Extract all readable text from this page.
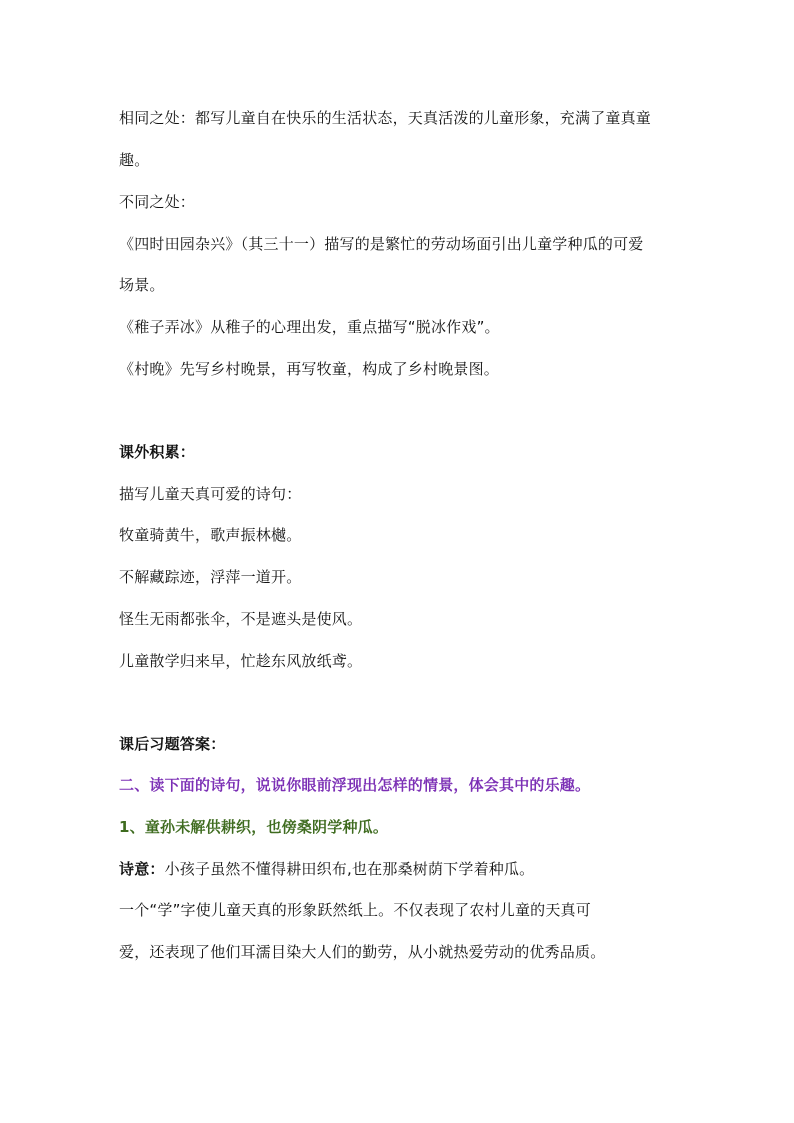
相同之处：都写儿童自在快乐的生活状态，天真活泼的儿童形象，充满了童真童
趣。
不同之处：
《四时田园杂兴》（其三十一）描写的是繁忙的劳动场面引出儿童学种瓜的可爱
场景。
《稚子弄冰》从稚子的心理出发，重点描写“脱冰作戏”。
《村晚》先写乡村晚景，再写牧童，构成了乡村晚景图。
课外积累：
描写儿童天真可爱的诗句：
牧童骑黄牛，歌声振林樾。
不解藏踪迹，浮萍一道开。
怪生无雨都张伞，不是遮头是使风。
儿童散学归来早，忙趁东风放纸鸢。
课后习题答案：
二、读下面的诗句，说说你眼前浮现出怎样的情景，体会其中的乐趣。
1、童孙未解供耕织，也傍桑阴学种瓜。
诗意：小孩子虽然不懂得耕田织布,也在那桑树荫下学着种瓜。
一个“学”字使儿童天真的形象跃然纸上。不仅表现了农村儿童的天真可
爱，还表现了他们耳濡目染大人们的勤劳，从小就热爱劳动的优秀品质。
